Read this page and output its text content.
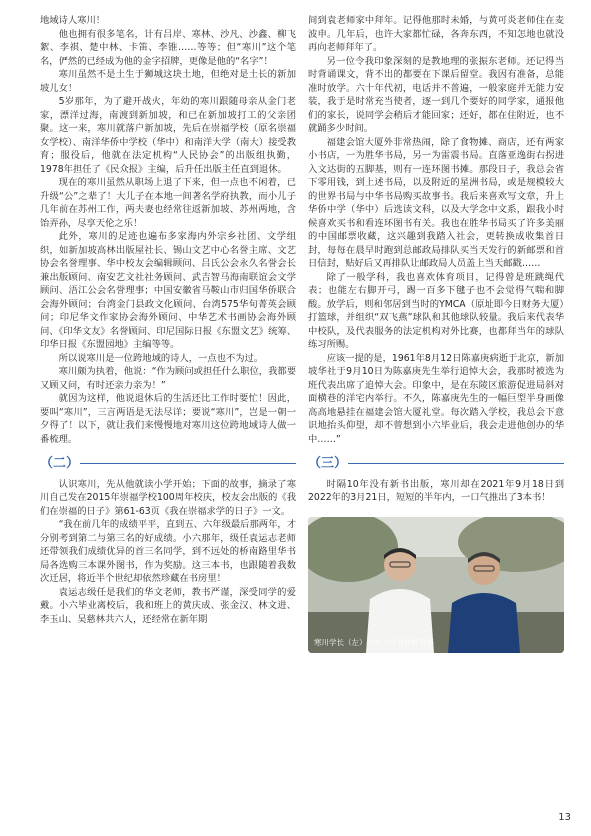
地域诗人寒川！

他也拥有很多笔名，计有吕岸、寒林、沙凡、沙鑫、柳飞絮、李祺、楚中林、卡笛、李锥……等等；但“寒川”这个笔名，俨然的已经成为他的金字招牌，更像是他的“名字”！

寒川虽然不是土生于狮城这块土地，但绝对是土长的新加坡儿女！

5岁那年，为了避开战火，年幼的寒川跟随母亲从金门老家，漂洋过海，南渡到新加坡，和已在新加坡打工的父亲团聚。这一来，寒川就落户新加坡，先后在崇福学校（原名崇福女学校）、南洋华侨中学校（华中）和南洋大学（南大）接受教育；服役后，他就在法定机构“人民协会”的出版组执勤，1978年担任了《民众报》主编，后升任出版主任直到退休。

现在的寒川虽然从职场上退了下来，但一点也不闲着，已升级“公”之辈了！大儿子在本地一间著名学府执教，而小儿子几年前在苏州工作，两夫妻也经常往返新加坡、苏州两地，含饴弄孙，尽享天伦之乐！

此外，寒川的足迹也遍布多家海内外宗乡社团、文学组织，如新加坡高林出版屋社长、锡山文艺中心名誉主席、文艺协会名誉理事、华中校友会编辑顾问、吕氏公会永久名誉会长兼出版顾问、南安艺文社社务顾问、武吉智马海南联谊会文学顾问、浯江公会名誉理事；中国安徽省马鞍山市归国华侨联合会海外顾问；台湾金门县政文化顾问、台湾575华旬菁英会顾问；印尼华文作家协会海外顾问、中华艺术书画协会海外顾问、《印华文友》名誉顾问、印尼国际日报《东盟文艺》统筹、印华日报《东盟园地》主编等等。

所以说寒川是一位跨地域的诗人，一点也不为过。

寒川颇为执着，他说：“作为顾问或担任什么职位，我都要又顾又问，有时还亲力亲为！”

就因为这样，他说退休后的生活还比工作时要忙！因此，要叫“寒川”，三言两语是无法尽详；要说“寒川”，岂是一朝一夕得了！以下，就让我们来慢慢地对寒川这位跨地域诗人做一番梳理。

（二）

认识寒川，先从他就读小学开始；下面的故事，摘录了寒川自己发在2015年崇福学校100周年校庆，校友会出版的《我们在崇福的日子》第61-63页《我在崇福求学的日子》一文。

“我在前几年的成绩平平，直到五、六年级最后那两年，才分别考到第二与第三名的好成绩。小六那年，级任袁运志老师还带领我们成绩优异的首三名同学，到不远处的桥南路里华书局各选购三本课外图书，作为奖励。这三本书，也跟随着我数次迁居，将近半个世纪却依然珍藏在书房里！

袁运志级任是我们的华文老师，教书严谨，深受同学的爱戴。小六毕业离校后，我和班上的黄庆成、张金汉、林文进、李玉山、吴慈林共六人，还经常在新年期

间到袁老师家中拜年。记得他那时未婚，与黄可炎老师住在麦波申。几年后，也许大家都忙碌，各奔东西，不知怎地也就没再向老师拜年了。

另一位令我印象深刻的是教地理的张振东老师。还记得当时背诵课文，背不出的都要在下课后留堂。我因有准备，总能准时放学。六十年代初，电话并不普遍，一般家庭并无能力安装，我于是时常充当使者，逐一到几个要好的同学家，通报他们的家长，说同学会稍后才能回家；还好，都在住附近，也不就踊多少时间。

福建会馆大厦外非常热闹，除了食物摊、商店，还有两家小书店，一为胜华书局，另一为雷震书局。直落亚逸街右拐进入文达街的五脚基，则有一连环图书摊。那段日子，我总会省下零用钱，到上述书局，以及附近的星洲书局，或是规模较大的世界书局与中华书局购买故事书。我后来喜欢写文章，升上华侨中学（华中）后选读文科，以及大学念中文系，跟我小时候喜欢买书和看连环图书有关。我也在胜华书局买了许多美丽的中国邮票收藏，这兴趣到我踏入社会，更转换成收集首日封，每每在晨早时跑到总邮政局排队买当天发行的新邮票和首日信封，贴好后又再排队让邮政局人员盖上当天邮戳……

除了一般学科，我也喜欢体育项目，记得曾是班跳绳代表；也能左右脚开弓，踢一百多下毽子也不会觉得气喘和脚酸。放学后，则和邻居到当时的YMCA（原址即今日财务大厦）打篮球，并组织“双飞燕”球队和其他球队较量。我后来代表华中校队，及代表服务的法定机构对外比赛，也都拜当年的球队练习所赐。

应该一提的是，1961年8月12日陈嘉庚病逝于北京，新加坡华社于9月10日为陈嘉庚先生举行追悼大会，我那时被选为班代表出席了追悼大会。印象中，是在东陵区旅游促进局斜对面横巷的洋宅内举行。不久，陈嘉庚先生的一幅巨型半身画像高高地悬挂在福建会馆大厦礼堂。每次踏入学校，我总会下意识地抬头仰望，却不曾想到小六毕业后，我会走进他创办的华中……”

（三）

时隔10年没有新书出版，寒川却在2021年9月18日到2022年的3月21日，短短的半年内，一口气推出了3本书！

寒川学长（左）与本文作者林舒合影
13
